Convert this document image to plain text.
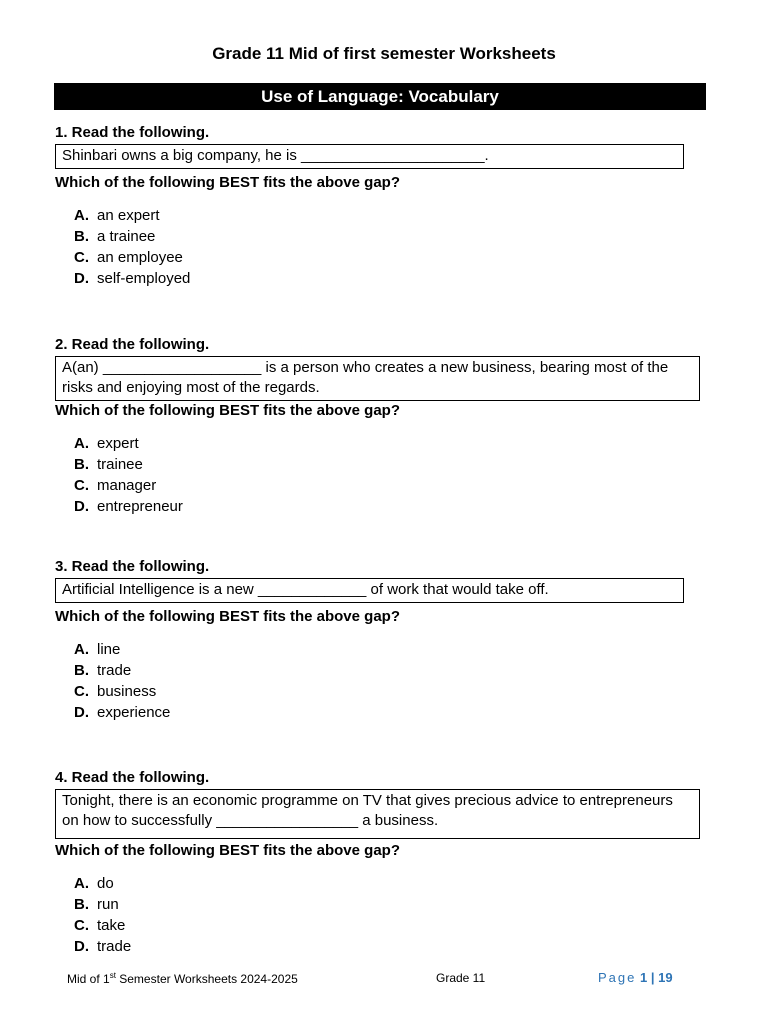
Grade 11 Mid of first semester Worksheets
Use of Language: Vocabulary
1. Read the following.
Shinbari owns a big company, he is ______________________.
Which of the following BEST fits the above gap?
A. an expert
B. a trainee
C. an employee
D. self-employed
2. Read the following.
A(an) ___________________ is a person who creates a new business, bearing most of the risks and enjoying most of the regards.
Which of the following BEST fits the above gap?
A. expert
B. trainee
C. manager
D. entrepreneur
3. Read the following.
Artificial Intelligence is a new _____________ of work that would take off.
Which of the following BEST fits the above gap?
A. line
B. trade
C. business
D. experience
4. Read the following.
Tonight, there is an economic programme on TV that gives precious advice to entrepreneurs on how to successfully _________________ a business.
Which of the following BEST fits the above gap?
A. do
B. run
C. take
D. trade
Mid of 1st Semester Worksheets 2024-2025	Grade 11	Page 1 | 19
